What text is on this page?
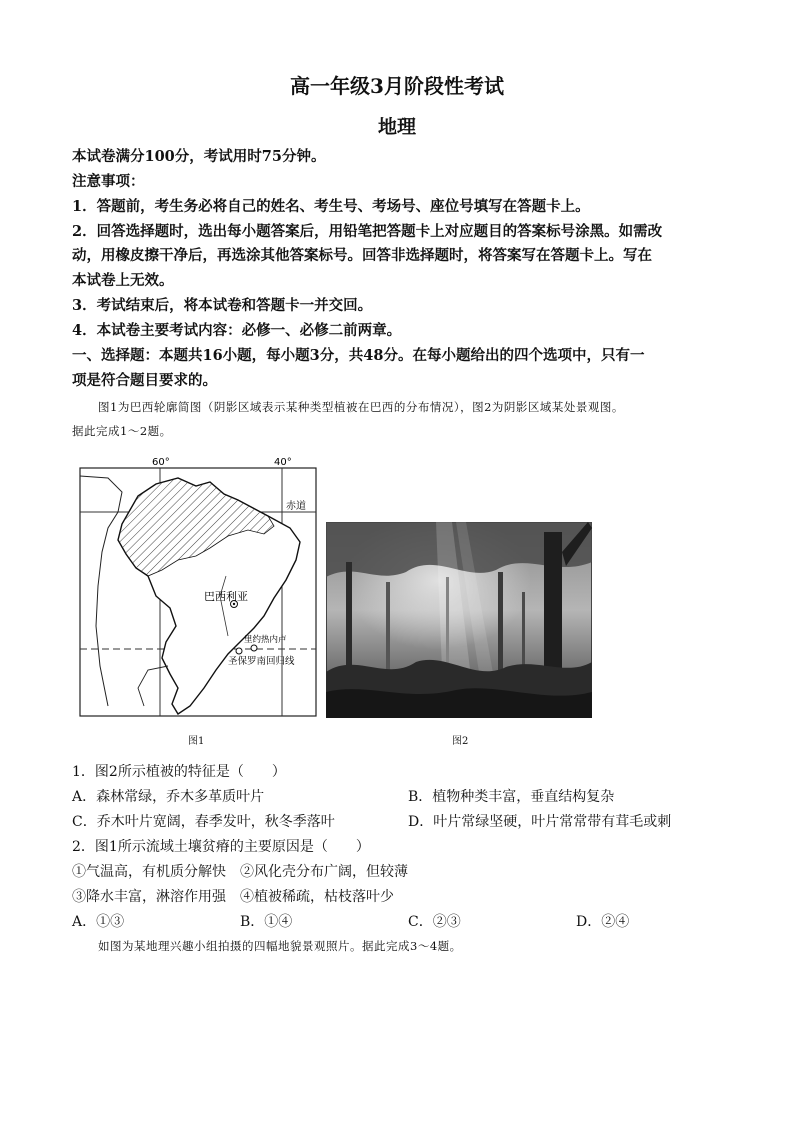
高一年级3月阶段性考试
地理
本试卷满分100分，考试用时75分钟。
注意事项：
1．答题前，考生务必将自己的姓名、考生号、考场号、座位号填写在答题卡上。
2．回答选择题时，选出每小题答案后，用铅笔把答题卡上对应题目的答案标号涂黑。如需改
动，用橡皮擦干净后，再选涂其他答案标号。回答非选择题时，将答案写在答题卡上。写在
本试卷上无效。
3．考试结束后，将本试卷和答题卡一并交回。
4．本试卷主要考试内容：必修一、必修二前两章。
一、选择题：本题共16小题，每小题3分，共48分。在每小题给出的四个选项中，只有一
项是符合题目要求的。
图1为巴西轮廓简图（阴影区域表示某种类型植被在巴西的分布情况），图2为阴影区域某处景观图。
据此完成1～2题。
60°	40°
赤道
巴西利亚
里约热内卢
圣保罗南回归线
图1	图2
1．图2所示植被的特征是（　　）
A．森林常绿，乔木多革质叶片	B．植物种类丰富，垂直结构复杂
C．乔木叶片宽阔，春季发叶，秋冬季落叶	D．叶片常绿坚硬，叶片常常带有茸毛或刺
2．图1所示流域土壤贫瘠的主要原因是（　　）
①气温高，有机质分解快 ②风化壳分布广阔，但较薄
③降水丰富，淋溶作用强 ④植被稀疏，枯枝落叶少
A．①③	B．①④	C．②③	D．②④
如图为某地理兴趣小组拍摄的四幅地貌景观照片。据此完成3～4题。
